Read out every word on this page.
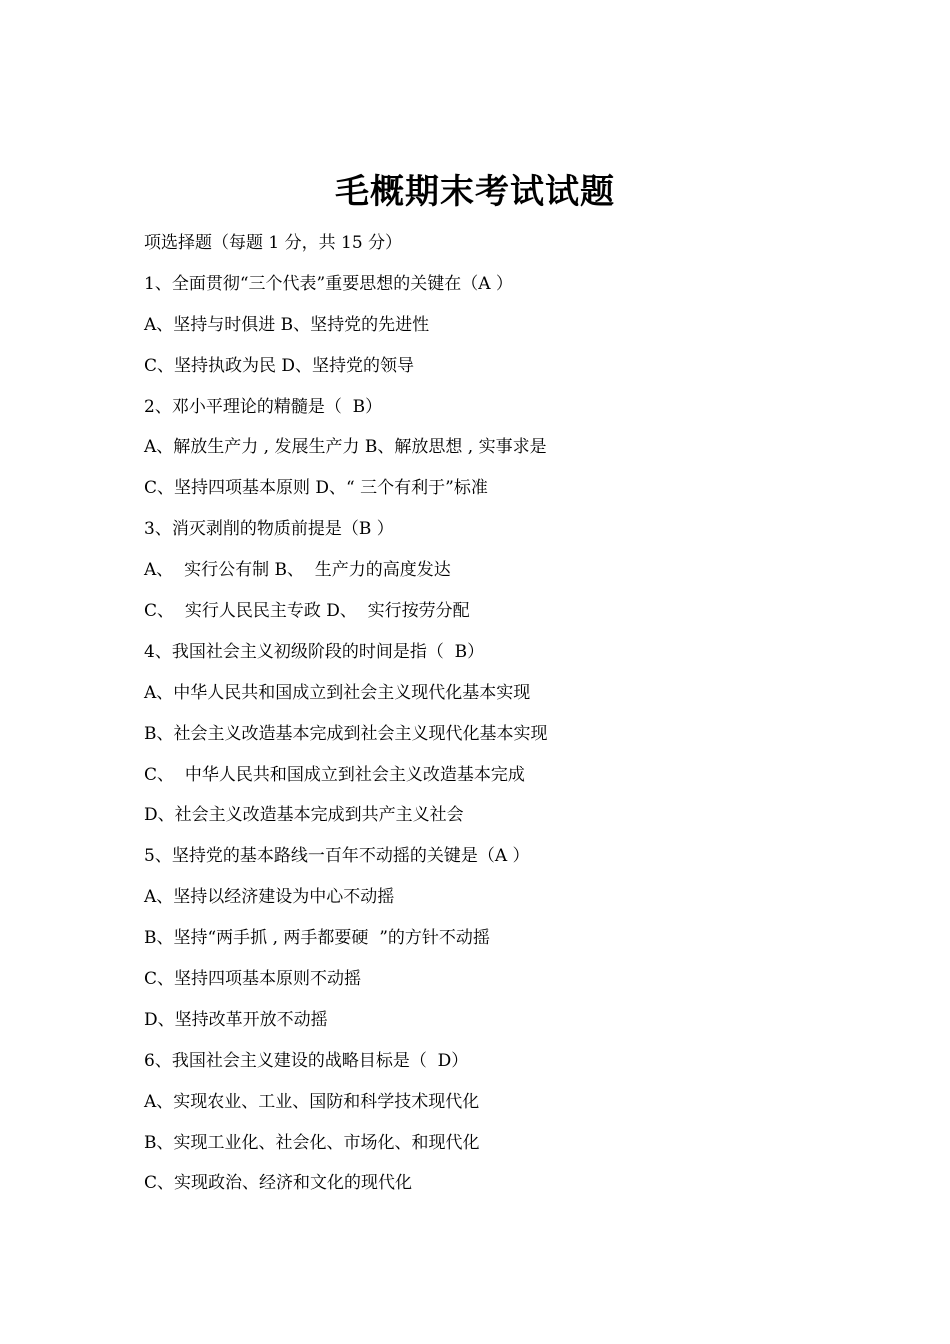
毛概期末考试试题
项选择题（每题 1 分，共 15 分）
1、全面贯彻“三个代表”重要思想的关键在（A ）
A、坚持与时俱进 B、坚持党的先进性
C、坚持执政为民 D、坚持党的领导
2、邓小平理论的精髓是（  B）
A、解放生产力 , 发展生产力 B、解放思想 , 实事求是
C、坚持四项基本原则 D、“ 三个有利于”标准
3、消灭剥削的物质前提是（B ）
A、  实行公有制 B、  生产力的高度发达
C、  实行人民民主专政 D、  实行按劳分配
4、我国社会主义初级阶段的时间是指（  B）
A、中华人民共和国成立到社会主义现代化基本实现
B、社会主义改造基本完成到社会主义现代化基本实现
C、  中华人民共和国成立到社会主义改造基本完成
D、社会主义改造基本完成到共产主义社会
5、坚持党的基本路线一百年不动摇的关键是（A ）
A、坚持以经济建设为中心不动摇
B、坚持“两手抓 , 两手都要硬  ”的方针不动摇
C、坚持四项基本原则不动摇
D、坚持改革开放不动摇
6、我国社会主义建设的战略目标是（  D）
A、实现农业、工业、国防和科学技术现代化
B、实现工业化、社会化、市场化、和现代化
C、实现政治、经济和文化的现代化
